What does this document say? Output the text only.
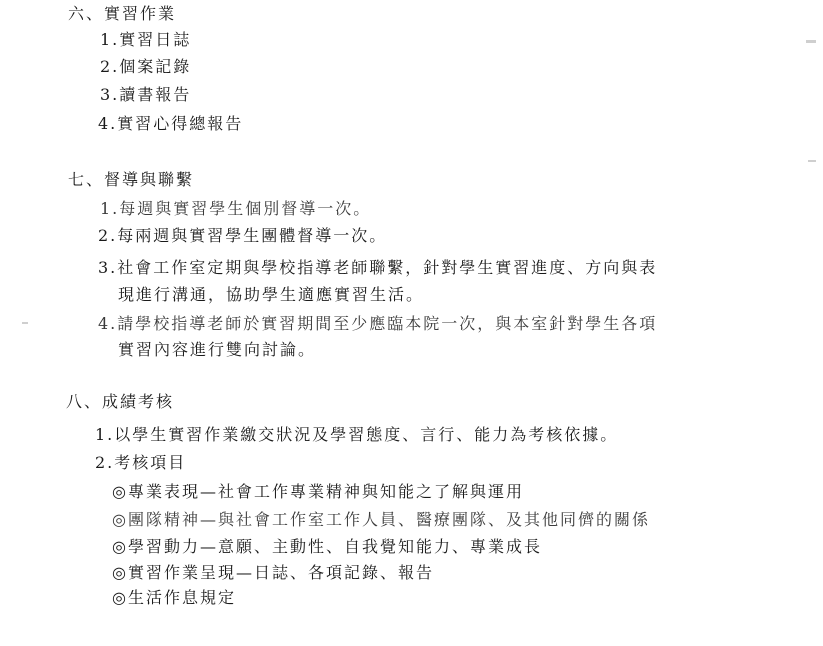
六、實習作業
1.實習日誌
2.個案記錄
3.讀書報告
4.實習心得總報告
七、督導與聯繫
1.每週與實習學生個別督導一次。
2.每兩週與實習學生團體督導一次。
3.社會工作室定期與學校指導老師聯繫，針對學生實習進度、方向與表
現進行溝通，協助學生適應實習生活。
4.請學校指導老師於實習期間至少應臨本院一次，與本室針對學生各項
實習內容進行雙向討論。
八、成績考核
1.以學生實習作業繳交狀況及學習態度、言行、能力為考核依據。
2.考核項目
◎專業表現—社會工作專業精神與知能之了解與運用
◎團隊精神—與社會工作室工作人員、醫療團隊、及其他同儕的關係
◎學習動力—意願、主動性、自我覺知能力、專業成長
◎實習作業呈現—日誌、各項記錄、報告
◎生活作息規定
